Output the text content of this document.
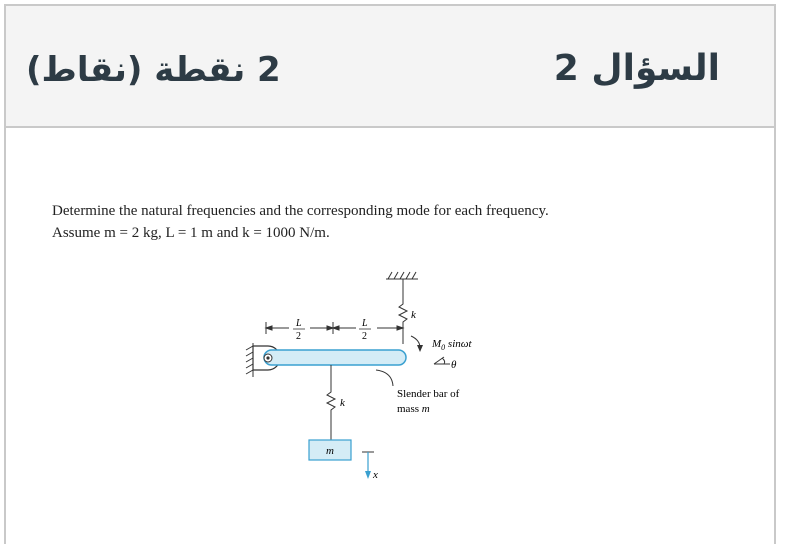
2 نقطة (نقاط)	السؤال 2
Determine the natural frequencies and the corresponding mode for each frequency.
Assume m = 2 kg, L = 1 m and k = 1000 N/m.
k
L
2
L
2
$M_0$ sinωt
θ
Slender bar of
mass m
k
m
x
